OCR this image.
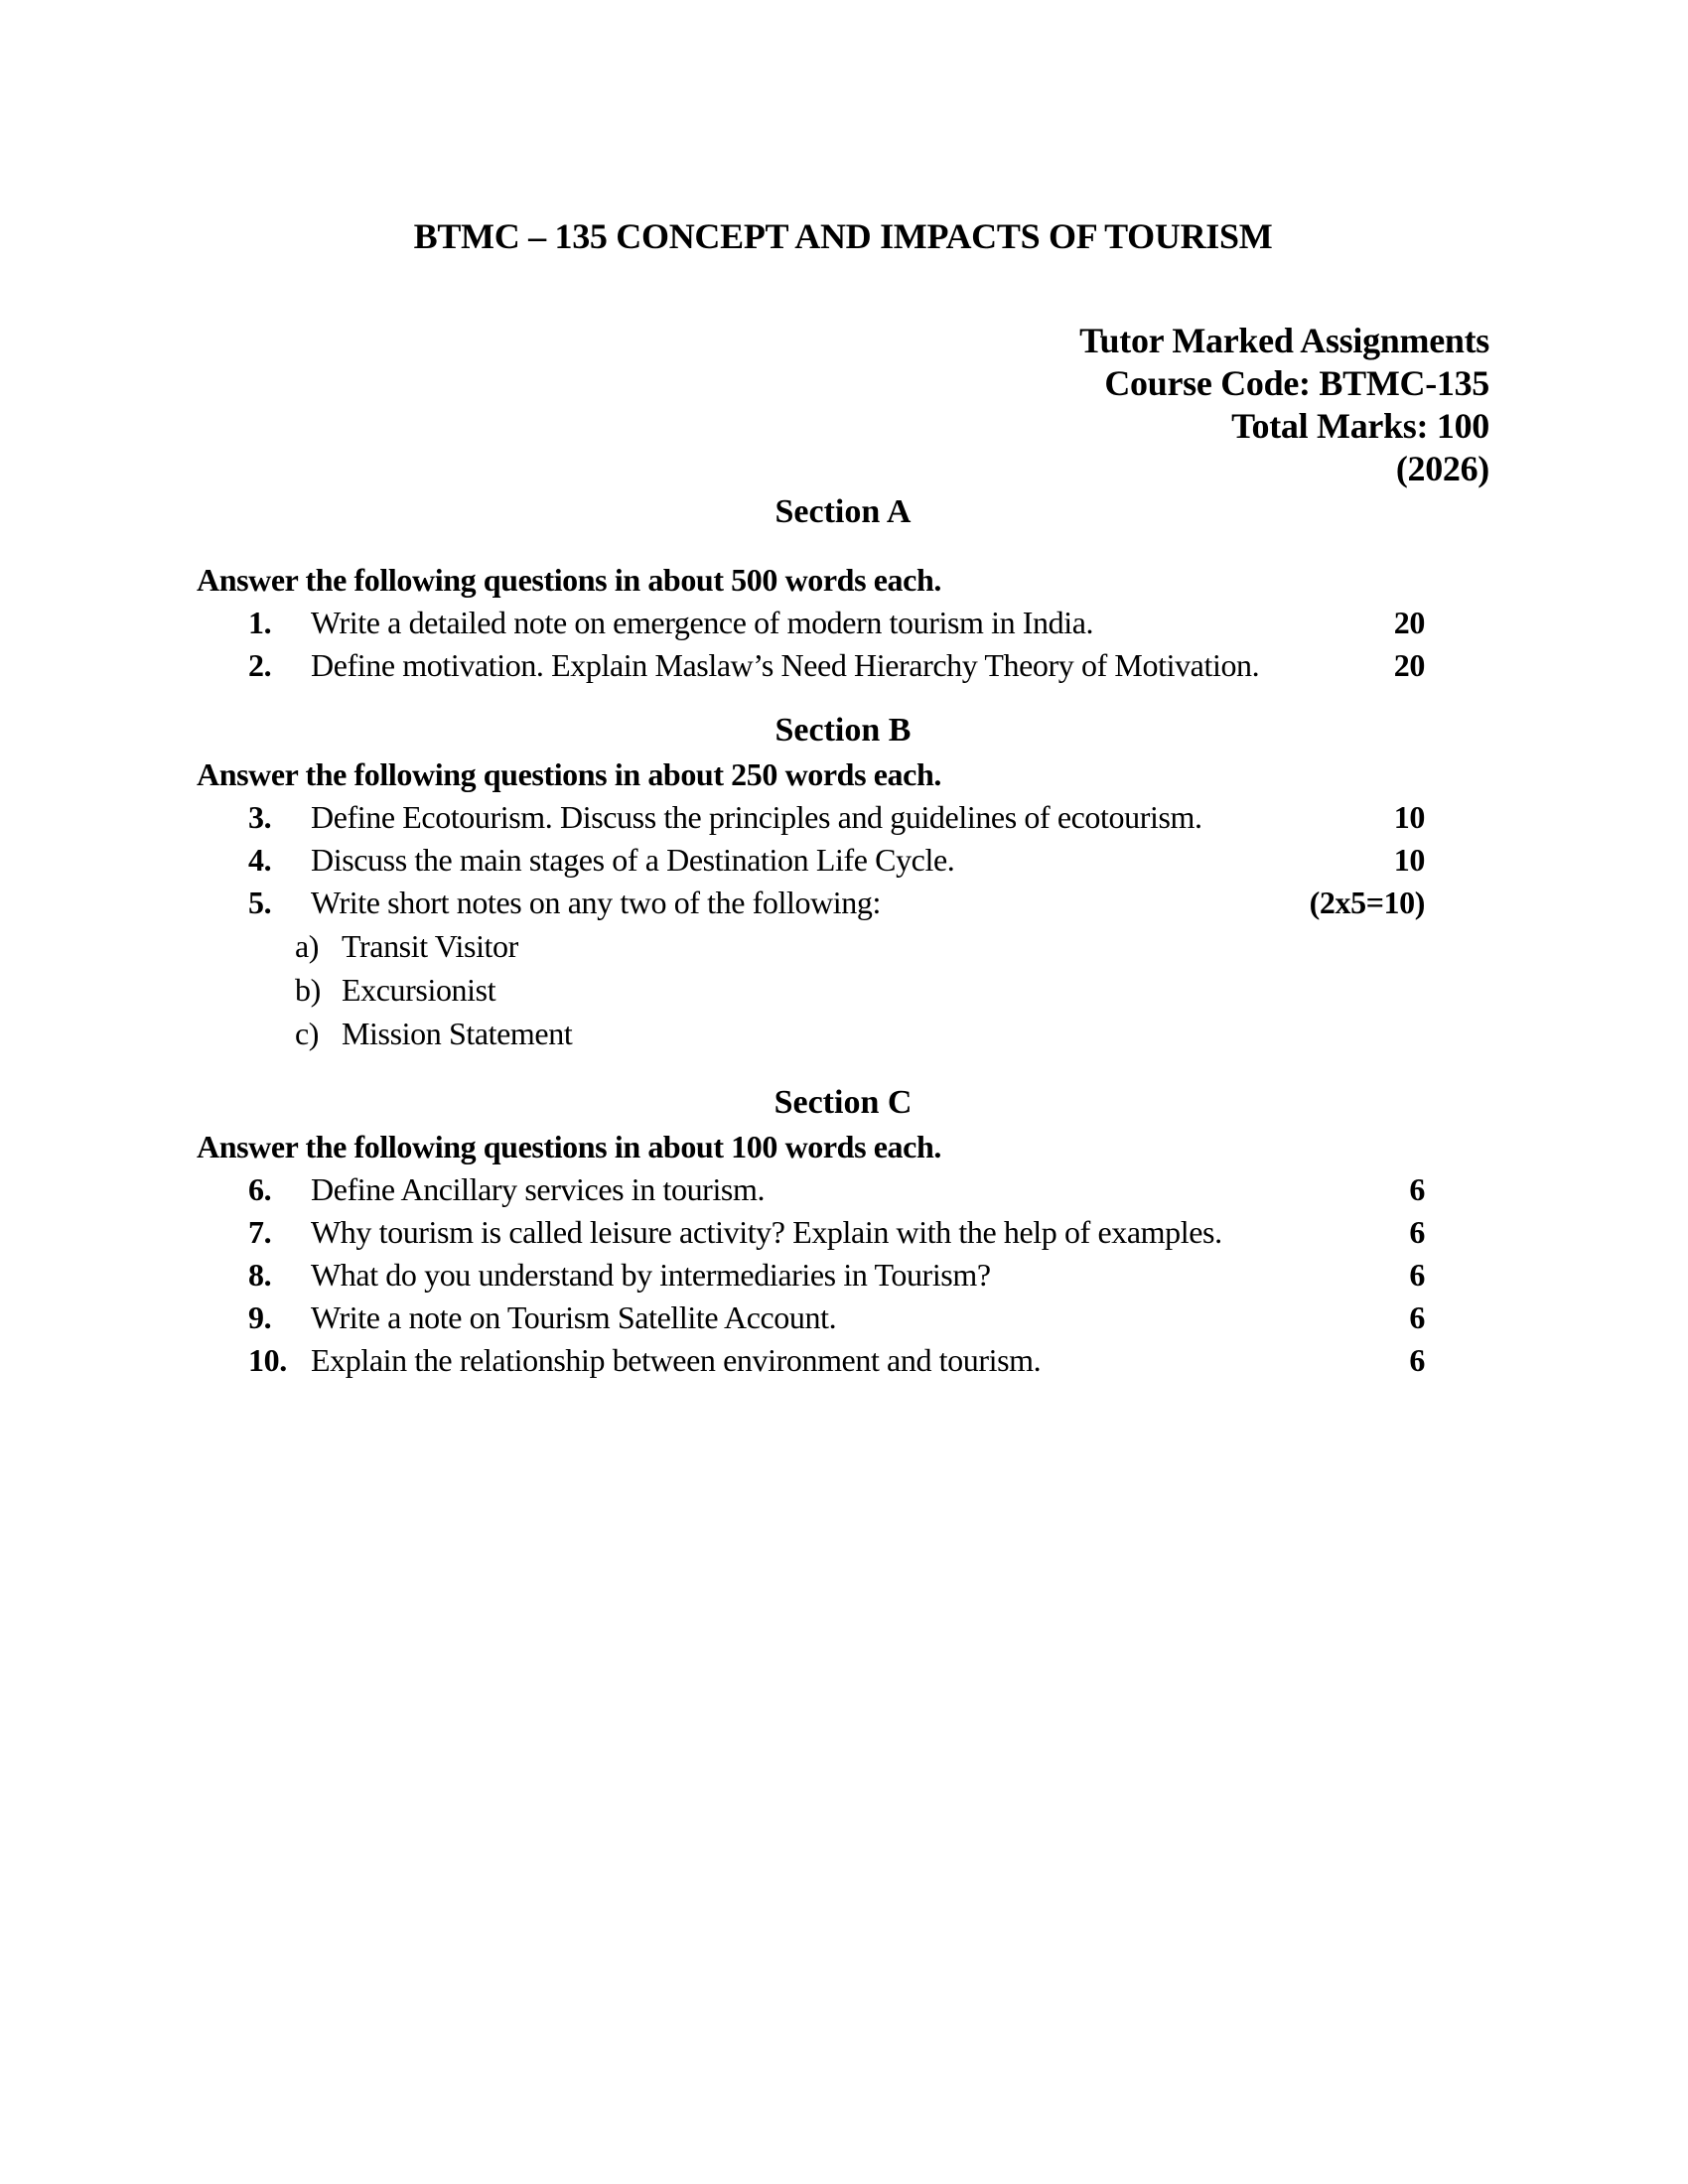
BTMC – 135 CONCEPT AND IMPACTS OF TOURISM
Tutor Marked Assignments
Course Code: BTMC-135
Total Marks: 100
(2026)
Section A
Answer the following questions in about 500 words each.
1.	Write a detailed note on emergence of modern tourism in India.	20
2.	Define motivation. Explain Maslaw’s Need Hierarchy Theory of Motivation.	20
Section B
Answer the following questions in about 250 words each.
3.	Define Ecotourism. Discuss the principles and guidelines of ecotourism.	10
4.	Discuss the main stages of a Destination Life Cycle.	10
5.	Write short notes on any two of the following:	(2x5=10)
a) Transit Visitor
b) Excursionist
c) Mission Statement
Section C
Answer the following questions in about 100 words each.
6.	Define Ancillary services in tourism.	6
7.	Why tourism is called leisure activity? Explain with the help of examples.	6
8.	What do you understand by intermediaries in Tourism?	6
9.	Write a note on Tourism Satellite Account.	6
10. Explain the relationship between environment and tourism.	6
